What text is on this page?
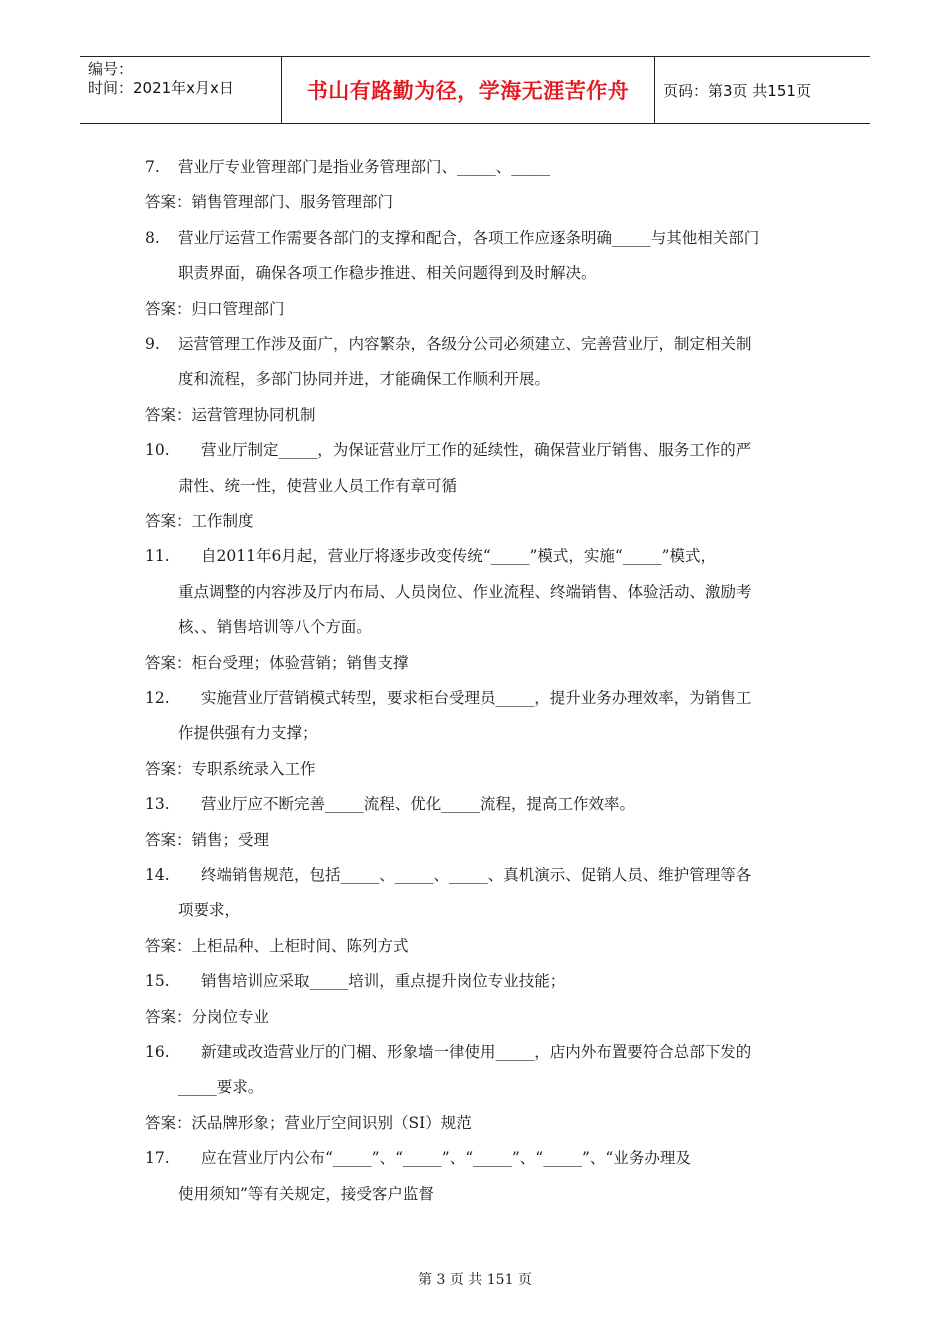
编号：
时间：2021年x月x日	书山有路勤为径，学海无涯苦作舟 页码：第3页 共151页
7. 营业厅专业管理部门是指业务管理部门、_____、_____
答案：销售管理部门、服务管理部门
8. 营业厅运营工作需要各部门的支撑和配合，各项工作应逐条明确_____与其他相关部门
职责界面，确保各项工作稳步推进、相关问题得到及时解决。
答案：归口管理部门
9. 运营管理工作涉及面广，内容繁杂，各级分公司必须建立、完善营业厅，制定相关制
度和流程，多部门协同并进，才能确保工作顺利开展。
答案：运营管理协同机制
10. 营业厅制定_____，为保证营业厅工作的延续性，确保营业厅销售、服务工作的严
肃性、统一性，使营业人员工作有章可循
答案：工作制度
11. 自2011年6月起，营业厅将逐步改变传统“_____”模式，实施“_____”模式，
重点调整的内容涉及厅内布局、人员岗位、作业流程、终端销售、体验活动、激励考
核、、销售培训等八个方面。
答案：柜台受理；体验营销；销售支撑
12. 实施营业厅营销模式转型，要求柜台受理员_____，提升业务办理效率，为销售工
作提供强有力支撑；
答案：专职系统录入工作
13. 营业厅应不断完善_____流程、优化_____流程，提高工作效率。
答案：销售；受理
14. 终端销售规范，包括_____、_____、_____、真机演示、促销人员、维护管理等各
项要求，
答案：上柜品种、上柜时间、陈列方式
15. 销售培训应采取_____培训，重点提升岗位专业技能；
答案：分岗位专业
16. 新建或改造营业厅的门楣、形象墙一律使用_____，店内外布置要符合总部下发的
_____要求。
答案：沃品牌形象；营业厅空间识别（SI）规范
17. 应在营业厅内公布“_____”、“_____”、“_____”、“_____”、“业务办理及
使用须知”等有关规定，接受客户监督
第 3 页 共 151 页
